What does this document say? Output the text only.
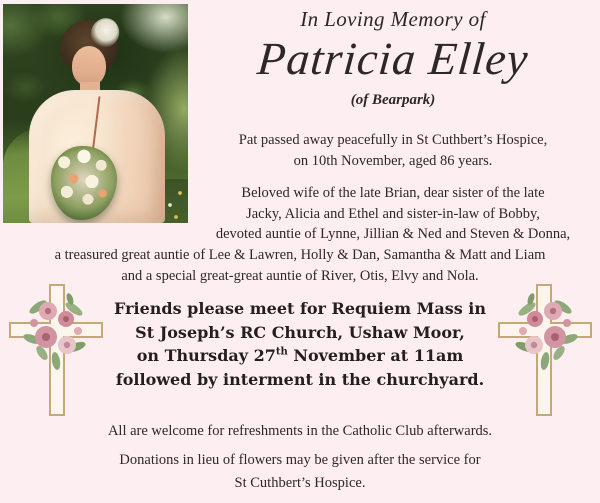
In Loving Memory of
Patricia Elley
(of Bearpark)
Pat passed away peacefully in St Cuthbert’s Hospice,
on 10th November, aged 86 years.
Beloved wife of the late Brian, dear sister of the late
Jacky, Alicia and Ethel and sister-in-law of Bobby,
devoted auntie of Lynne, Jillian & Ned and Steven & Donna,
a treasured great auntie of Lee & Lawren, Holly & Dan, Samantha & Matt and Liam
and a special great-great auntie of River, Otis, Elvy and Nola.
Friends please meet for Requiem Mass in
St Joseph’s RC Church, Ushaw Moor,
on Thursday 27th November at 11am
followed by interment in the churchyard.
All are welcome for refreshments in the Catholic Club afterwards.
Donations in lieu of flowers may be given after the service for
St Cuthbert’s Hospice.
